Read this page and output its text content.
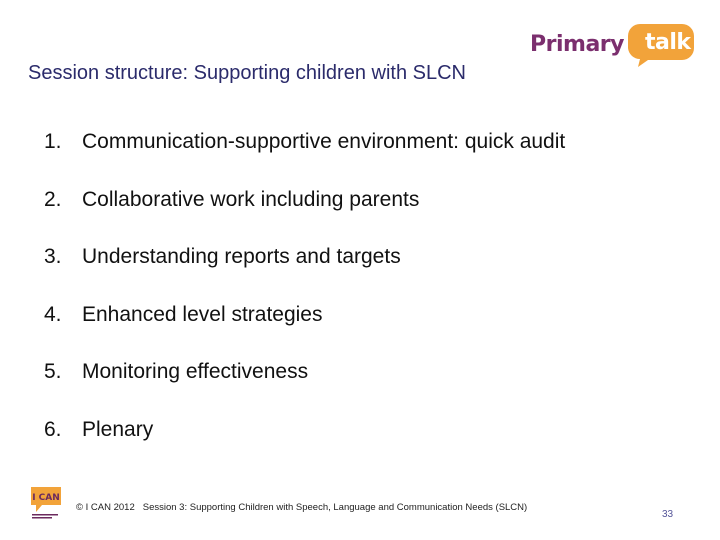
Primary talk
Session structure: Supporting children with SLCN
1. Communication-supportive environment: quick audit
2. Collaborative work including parents
3. Understanding reports and targets
4. Enhanced level strategies
5. Monitoring effectiveness
6. Plenary
I CAN
© I CAN 2012 Session 3: Supporting Children with Speech, Language and Communication Needs (SLCN)
33
